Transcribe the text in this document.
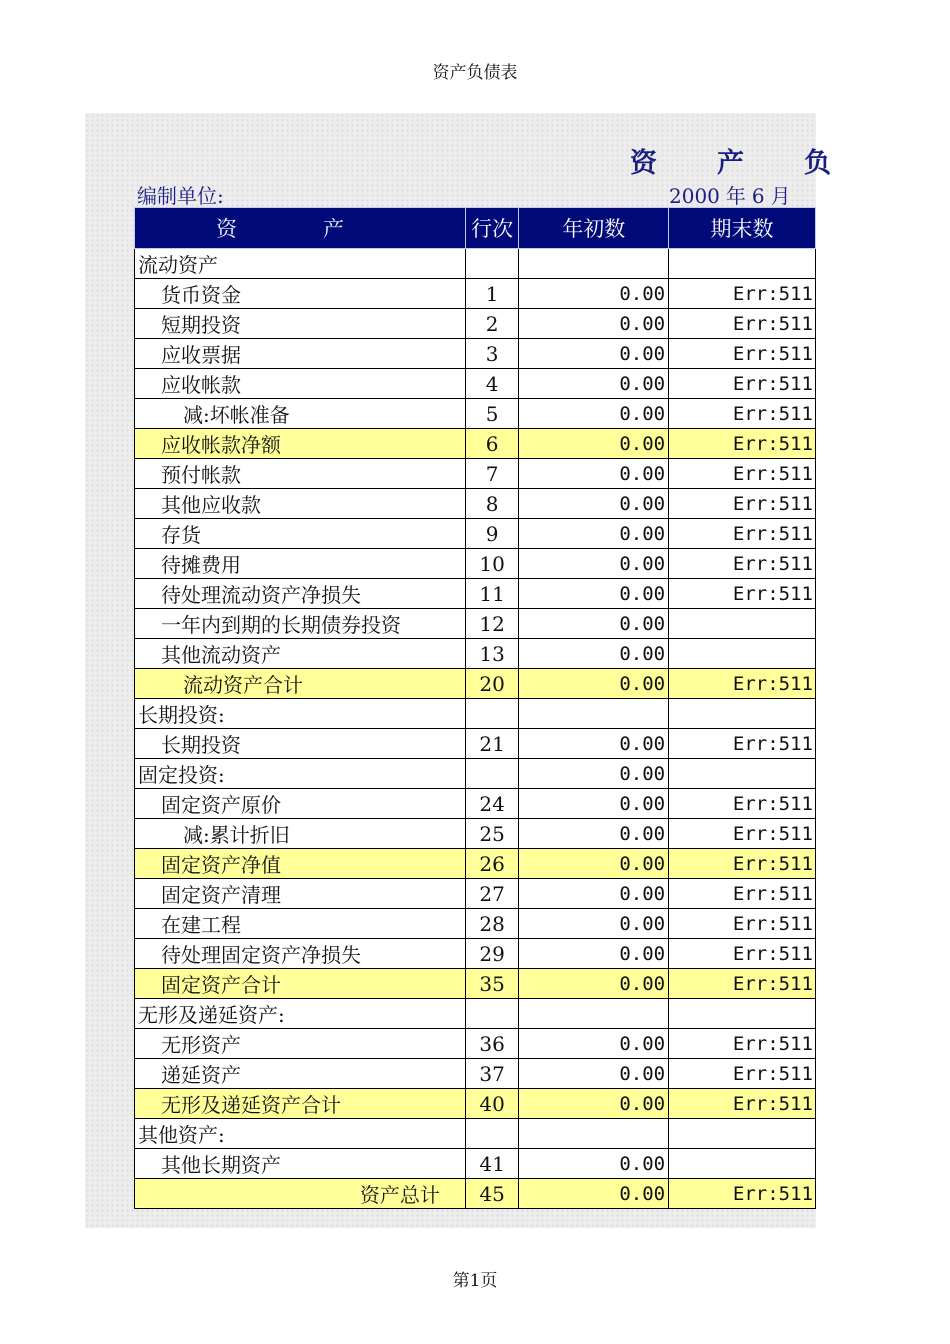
资产负债表
资 产 负
编制单位:	2000 年 6 月
资 产	行次	年初数	期末数
流动资产			
货币资金	1	0.00	Err:511
短期投资	2	0.00	Err:511
应收票据	3	0.00	Err:511
应收帐款	4	0.00	Err:511
减:坏帐准备	5	0.00	Err:511
应收帐款净额	6	0.00	Err:511
预付帐款	7	0.00	Err:511
其他应收款	8	0.00	Err:511
存货	9	0.00	Err:511
待摊费用	10	0.00	Err:511
待处理流动资产净损失	11	0.00	Err:511
一年内到期的长期债券投资	12	0.00	
其他流动资产	13	0.00	
流动资产合计	20	0.00	Err:511
长期投资:			
长期投资	21	0.00	Err:511
固定投资:		0.00	
固定资产原价	24	0.00	Err:511
减:累计折旧	25	0.00	Err:511
固定资产净值	26	0.00	Err:511
固定资产清理	27	0.00	Err:511
在建工程	28	0.00	Err:511
待处理固定资产净损失	29	0.00	Err:511
固定资产合计	35	0.00	Err:511
无形及递延资产:			
无形资产	36	0.00	Err:511
递延资产	37	0.00	Err:511
无形及递延资产合计	40	0.00	Err:511
其他资产:			
其他长期资产	41	0.00	
资产总计	45	0.00	Err:511
第1页
